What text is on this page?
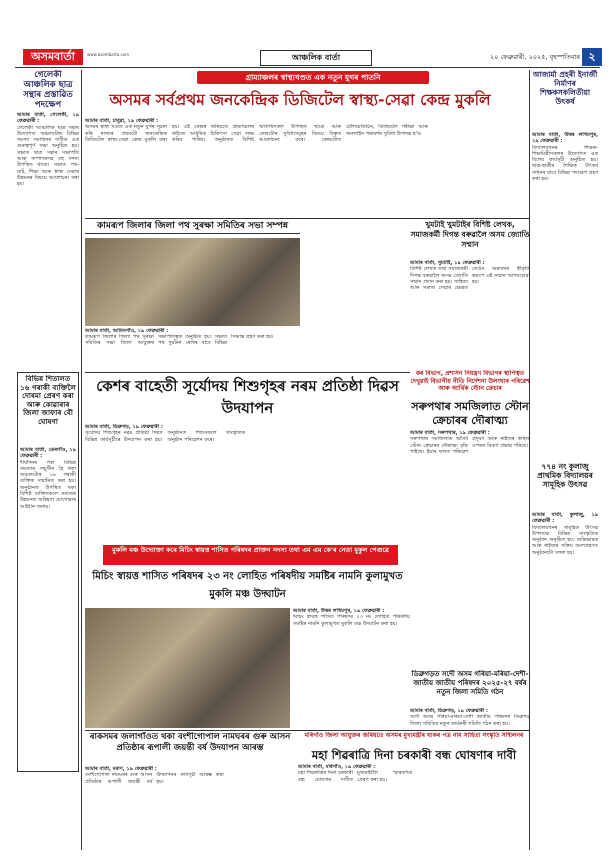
অসমবাৰ্তা	www.asombarta.com	আঞ্চলিক বাৰ্তা	২০ ফেব্ৰুৱাৰী, ২০২৫, বৃহস্পতিবাৰ ২
গেলেকী আঞ্চলিক ছাত্ৰ সন্থাৰ প্ৰস্তাৱিত পদক্ষেপ
আমাৰ বাৰ্তা, গেলেকী, ১৯ ফেব্ৰুৱাৰী :
গেলেকী আঞ্চলিক ছাত্ৰ সন্থাৰ উদ্যোগত অঞ্চলটোৰ বিভিন্ন সমস্যা সমাধানৰ দাবীত এক গুৰুত্বপূৰ্ণ সভা অনুষ্ঠিত হয়। সভাত ছাত্ৰ সন্থাৰ সভাপতি আৰু সম্পাদকসহ বহু সদস্য উপস্থিত থাকে। সভাত পথ-ঘাট, শিক্ষা আৰু স্বাস্থ্য সেৱাৰ উন্নয়নৰ বিষয়ে আলোচনা কৰা হয়।
বিভিন্ন শিতালত ১৬ গৰাকী ব্যক্তিলৈ দোষমা প্ৰেৰণ কৰা আৰু কোৱাৰাৰ জিলা জাফাৰ বৌ ঘোষণা
আমাৰ বাৰ্তা, ডেৰগাঁও, ১৯ ফেব্ৰুৱাৰী :
দীৰ্ঘদিনৰ পৰা বিভিন্ন সমস্যাৰ সন্মুখীন হৈ থকা অঞ্চলটোৰ ১৬ গৰাকী ব্যক্তিক সন্মানিত কৰা হয়। অনুষ্ঠানত উপস্থিত থকা বিশিষ্ট ব্যক্তিসকলে সমাজৰ উন্নয়নত অৰিহণা যোগোৱাৰ আহ্বান জনায়।
গ্ৰাম্যাঞ্চলৰ স্বাস্থ্যখণ্ডত এক নতুন যুগৰ পাতনি
অসমৰ সৰ্বপ্ৰথম জনকেন্দ্ৰিক ডিজিটেল স্বাস্থ্য-সেৱা কেন্দ্ৰ মুকলি
আমাৰ বাৰ্তা, চাবুৱা, ১৯ ফেব্ৰুৱাৰী :
অসমৰ স্বাস্থ্য খণ্ডত এক নতুন যুগৰ সূচনা কৰি ৰাজ্যৰ প্ৰথমটো জনকেন্দ্ৰিক ডিজিটেল স্বাস্থ্য-সেৱা কেন্দ্ৰ মুকলি কৰা হয়। এই কেন্দ্ৰৰ জৰিয়তে গ্ৰাম্যাঞ্চলৰ ৰাইজে আধুনিক চিকিৎসা সেৱা লাভ কৰিব পাৰিব। অনুষ্ঠানত বিশিষ্ট অতিথিসকল উপস্থিত থাকে আৰু কেন্দ্ৰটোৰ সুবিধাসমূহৰ বিষয়ে বিস্তৃত আলোচনা কৰে। কেন্দ্ৰটোত টেলিমেডিচিন, ডিজিটেল পৰীক্ষা আৰু অনলাইন পৰামৰ্শৰ সুবিধা উপলব্ধ হ'ব।
আজাৰ্মা প্ৰহৰী ইনাৰ্জী নিৰ্মাণৰ শিক্ষকসকলিতীয়া উৎকৰ্ষ
আমাৰ বাৰ্তা, উত্তৰ লখিমপুৰ, ১৯ ফেব্ৰুৱাৰী :
বিদ্যালয়খনৰ শিক্ষক-শিক্ষয়িত্ৰীসকলৰ উদ্যোগত এক বিশেষ কাৰ্যসূচী অনুষ্ঠিত হয়। ছাত্ৰ-ছাত্ৰীৰ শৈক্ষিক উৎকৰ্ষ সাধনৰ বাবে বিভিন্ন পদক্ষেপ গ্ৰহণ কৰা হয়।
৭৭৪ নং কুলাজু প্ৰাথমিক বিদ্যালয়ৰ সামূহিক উৎসৱ
আমাৰ বাৰ্তা, কুলাজু, ১৯ ফেব্ৰুৱাৰী :
বিদ্যালয়খনৰ সামূহিক উৎসৱ উপলক্ষে বিভিন্ন সাংস্কৃতিক অনুষ্ঠান অনুষ্ঠিত হয়। অভিভাৱক আৰু ৰাইজৰ সক্ৰিয় অংশগ্ৰহণত অনুষ্ঠানটো সফল হয়।
কামৰূপ জিলাৰ জিলা পথ সুৰক্ষা সমিতিৰ সভা সম্পন্ন
আমাৰ বাৰ্তা, আমিনগাঁও, ১৯ ফেব্ৰুৱাৰী :
কামৰূপ জিলাৰ জিলা পথ সুৰক্ষা সমিতিৰ সভা জিলা আয়ুক্তৰ সভাপতিত্বত অনুষ্ঠিত হয়। সভাত পথ দুৰ্ঘটনা ৰোধৰ বাবে বিভিন্ন সিদ্ধান্ত গ্ৰহণ কৰা হয়।
খুমটাই খুমটাইৰ বিশিষ্ট লেখক, সমাজকৰ্মী দিগন্ত বৰুৱালৈ অসম জ্যোতি সন্মান
আমাৰ বাৰ্তা, খুমটাই, ১৯ ফেব্ৰুৱাৰী :
বিশিষ্ট লেখক তথা সমাজকৰ্মী দিগন্ত বৰুৱালৈ অসম জ্যোতি সন্মান প্ৰদান কৰা হয়। সাহিত্য আৰু সমাজ সেৱাৰ ক্ষেত্ৰত তেওঁৰ অৱদানৰ স্বীকৃতি স্বৰূপে এই সন্মান আগবঢ়োৱা হয়।
কেশৰ বাহেতী সূৰ্যোদয় শিশুগৃহৰ নৰম প্ৰতিষ্ঠা দিৱস উদযাপন
আমাৰ বাৰ্তা, ডিব্ৰুগড়, ১৯ ফেব্ৰুৱাৰী :
সূৰ্যোদয় শিশুগৃহৰ নৱম প্ৰতিষ্ঠা দিৱস বিভিন্ন কাৰ্যসূচীৰে উদযাপন কৰা হয়। অনুষ্ঠানত শিশুসকলে সাংস্কৃতিক অনুষ্ঠান পৰিৱেশন কৰে।
কৰ বিভাগ, প্ৰশাসন নিয়ন্ত্ৰণ বিভাগৰ স্থাপিত্বত দেখুৱাই বিভাগীয় নীতি নিৰ্দেশনা উলংঘাৰ পৰিৱেশ আৰু আৰ্থিক স্টোন ক্ৰেচাৰ
সৰুপথাৰ সমজিলাত স্টোন ক্ৰেচাৰৰ দৌৰাত্ম্য
আমাৰ বাৰ্তা, সৰুপথাৰ, ১৯ ফেব্ৰুৱাৰী :
সৰুপথাৰ সমজিলাত অবৈধ স্টোন ক্ৰেচাৰৰ দৌৰাত্ম্য বৃদ্ধি পাইছে। ইয়াৰ ফলত পৰিৱেশ প্ৰদূষণ আৰু ৰাইজৰ স্বাস্থ্যৰ ওপৰত বিৰূপ প্ৰভাৱ পৰিছে।
মুকলি মঞ্চ উদ্যোক্তা কৰে মিচিং স্বায়ত্ত শাসিত পৰিষদৰ প্ৰাক্তন সদস্য তথা এম এম কে'ৰ নেতা মুকুল পেগুৱে
মিচিং স্বায়ত্ত শাসিত পৰিষদৰ ২৩ নং লোহিত পৰিষদীয় সমষ্টিৰ নামনি কুলামুখত মুকলি মঞ্চ উদ্ঘাটন
আমাৰ বাৰ্তা, উত্তৰ লখিমপুৰ, ১৯ ফেব্ৰুৱাৰী :
মিচিং স্বায়ত্ত শাসিত পৰিষদৰ ২৩ নং লোহিত পৰিষদীয় সমষ্টিৰ নামনি কুলামুখত মুকলি মঞ্চ উদ্ঘাটন কৰা হয়।
ডিব্ৰুগড়ত সদৌ অসম গৰিয়া-মৰিয়া-দেশী-জাতীয় জাতীয় পৰিষদৰ ২০২৫-২৭ বৰ্ষৰ নতুন জিলা সমিতি গঠন
আমাৰ বাৰ্তা, ডিব্ৰুগড়, ১৯ ফেব্ৰুৱাৰী :
সদৌ অসম গৰিয়া-মৰিয়া-দেশী জাতীয় পৰিষদৰ ডিব্ৰুগড় জিলা সমিতিৰ নতুন কাৰ্যকৰী সমিতি গঠন কৰা হয়।
ৰাকসমৰ জলাগাঁওত থকা বংশীগোপাল নামঘৰৰ গুৰু আসন প্ৰতিষ্ঠাৰ ৰূপালী জয়ন্তী বৰ্ষ উদযাপন আৰম্ভ
আমাৰ বাৰ্তা, মৰাণ, ১৯ ফেব্ৰুৱাৰী :
বংশীগোপাল নামঘৰৰ গুৰু আসন প্ৰতিষ্ঠাৰ ৰূপালী জয়ন্তী বৰ্ষ উদযাপনৰ কাৰ্যসূচী আৰম্ভ কৰা হয়।
মৰিগাঁও জিলা আয়ুক্তৰ জৰিয়তে অসমৰ মুখ্যমন্ত্ৰীৰ ঘাকৰ পত্ৰ নাম সাহিত্য সংস্কৃতি সন্মিলনৰ
মহা শিৱৰাত্ৰি দিনা চৰকাৰী বন্ধ ঘোষণাৰ দাবী
আমাৰ বাৰ্তা, মৰিগাঁও, ১৯ ফেব্ৰুৱাৰী :
মহা শিৱৰাত্ৰিৰ দিনা চৰকাৰী বন্ধ ঘোষণাৰ দাবীত মুখ্যমন্ত্ৰীলৈ স্মাৰকপত্ৰ প্ৰেৰণ কৰা হয়।
